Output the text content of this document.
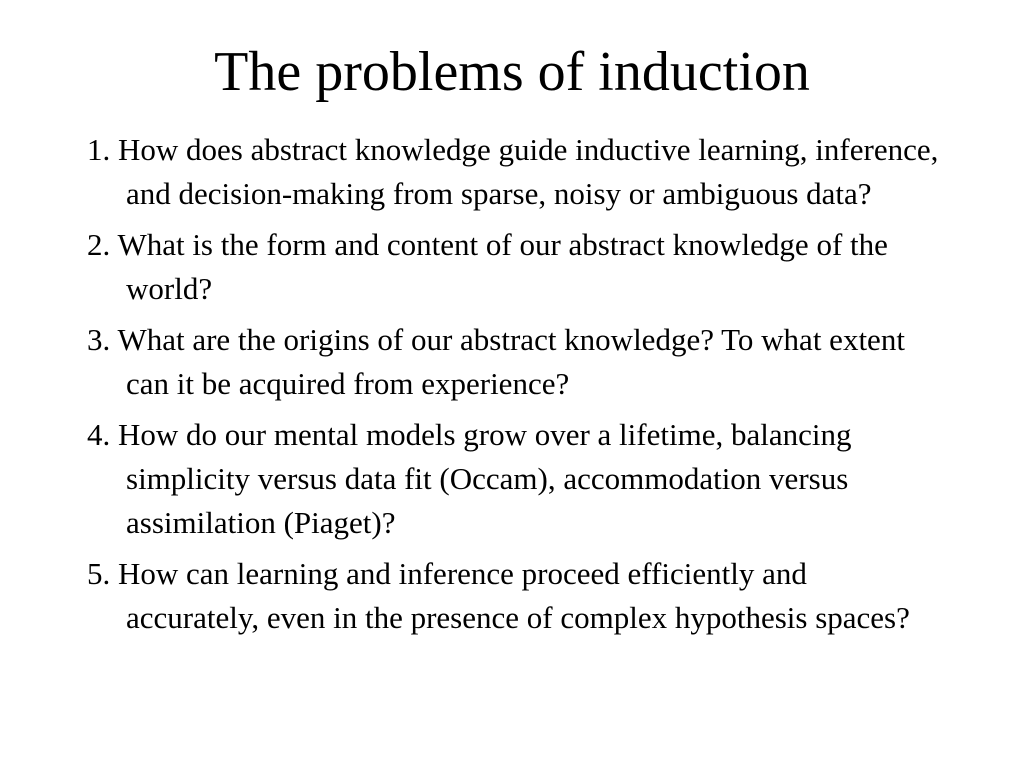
The problems of induction
1. How does abstract knowledge guide inductive learning, inference, and decision-making from sparse, noisy or ambiguous data?
2. What is the form and content of our abstract knowledge of the world?
3. What are the origins of our abstract knowledge? To what extent can it be acquired from experience?
4. How do our mental models grow over a lifetime, balancing simplicity versus data fit (Occam), accommodation versus assimilation (Piaget)?
5. How can learning and inference proceed efficiently and accurately, even in the presence of complex hypothesis spaces?
